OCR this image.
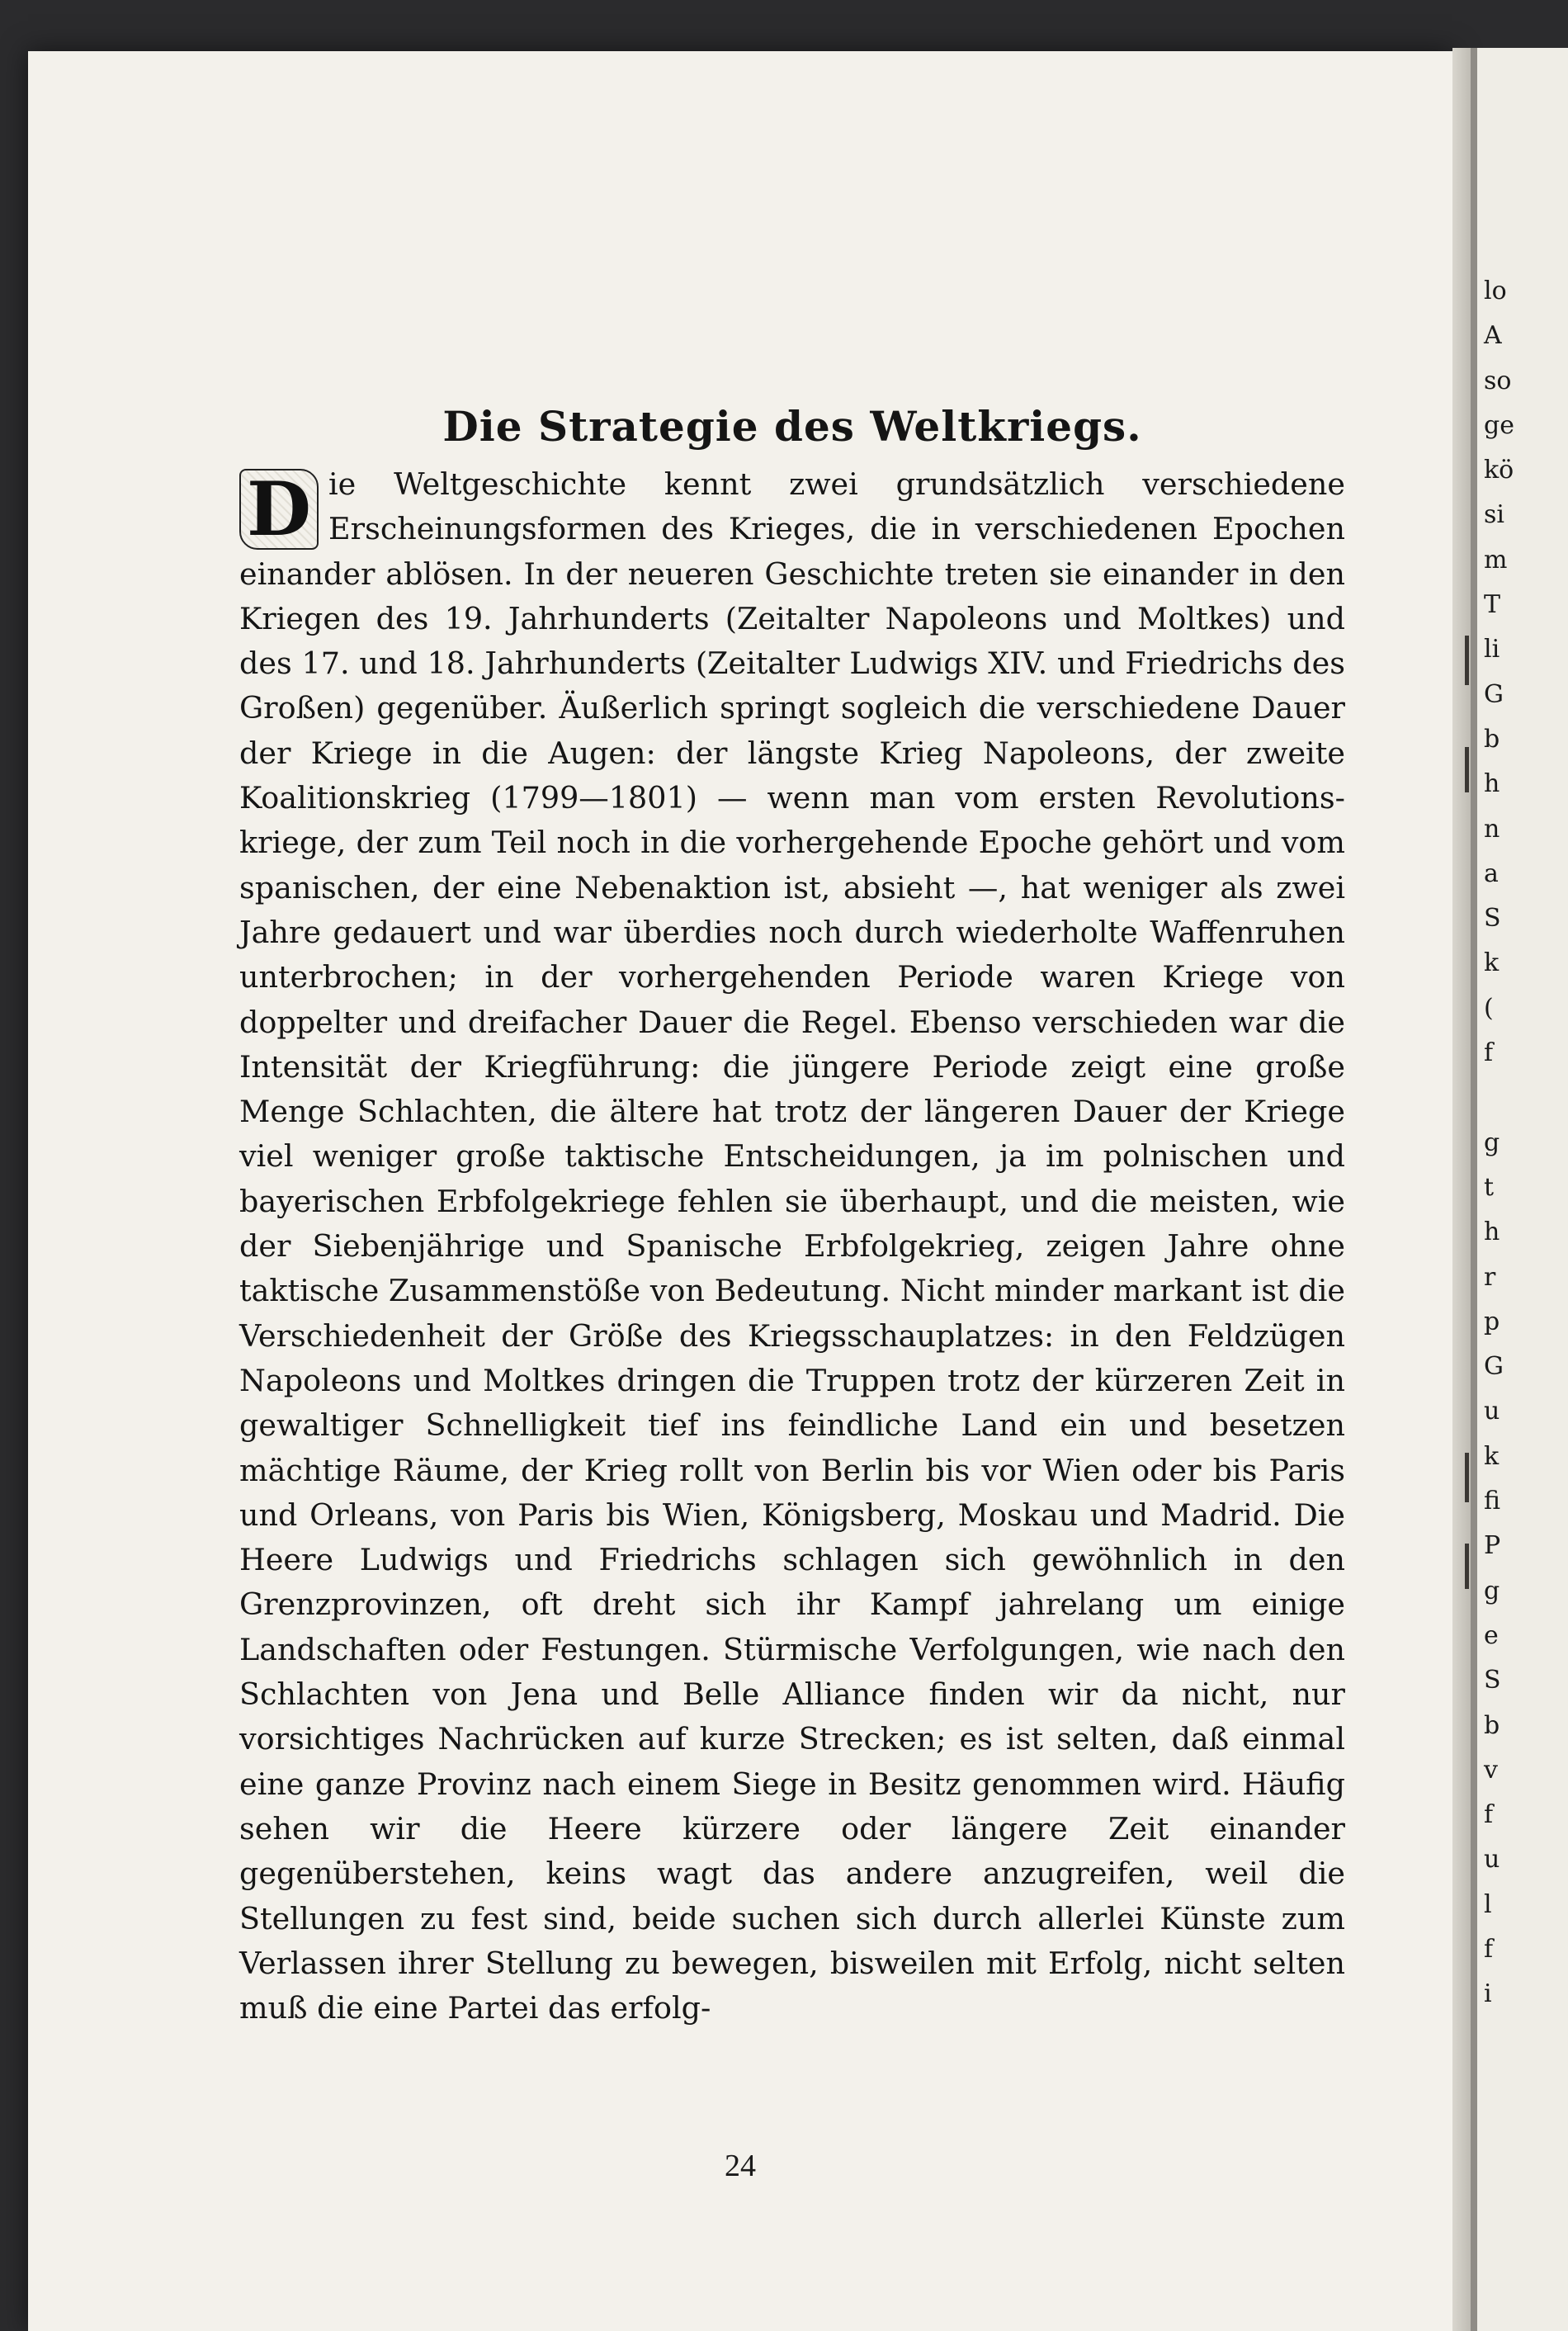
Die Strategie des Weltkriegs.

D ie Weltgeschichte kennt zwei grundsätzlich verschiedene Erscheinungsformen des Krieges, die in verschiedenen Epochen einander ablösen. In der neueren Geschichte treten sie einander in den Kriegen des 19. Jahrhunderts (Zeitalter Napoleons und Moltkes) und des 17. und 18. Jahrhunderts (Zeitalter Ludwigs XIV. und Friedrichs des Großen) gegenüber. Äußerlich springt sogleich die verschiedene Dauer der Kriege in die Augen: der längste Krieg Napoleons, der zweite Koalitionskrieg (1799—1801) — wenn man vom ersten Revolutionskriege, der zum Teil noch in die vorhergehende Epoche gehört und vom spanischen, der eine Nebenaktion ist, absieht —, hat weniger als zwei Jahre gedauert und war überdies noch durch wiederholte Waffenruhen unterbrochen; in der vorhergehenden Periode waren Kriege von doppelter und dreifacher Dauer die Regel. Ebenso verschieden war die Intensität der Kriegführung: die jüngere Periode zeigt eine große Menge Schlachten, die ältere hat trotz der längeren Dauer der Kriege viel weniger große taktische Entscheidungen, ja im polnischen und bayerischen Erbfolgekriege fehlen sie überhaupt, und die meisten, wie der Siebenjährige und Spanische Erbfolgekrieg, zeigen Jahre ohne taktische Zusammenstöße von Bedeutung. Nicht minder markant ist die Verschiedenheit der Größe des Kriegsschauplatzes: in den Feldzügen Napoleons und Moltkes dringen die Truppen trotz der kürzeren Zeit in gewaltiger Schnelligkeit tief ins feindliche Land ein und besetzen mächtige Räume, der Krieg rollt von Berlin bis vor Wien oder bis Paris und Orleans, von Paris bis Wien, Königsberg, Moskau und Madrid. Die Heere Ludwigs und Friedrichs schlagen sich gewöhnlich in den Grenzprovinzen, oft dreht sich ihr Kampf jahrelang um einige Landschaften oder Festungen. Stürmische Verfolgungen, wie nach den Schlachten von Jena und Belle Alliance finden wir da nicht, nur vorsichtiges Nachrücken auf kurze Strecken; es ist selten, daß einmal eine ganze Provinz nach einem Siege in Besitz genommen wird. Häufig sehen wir die Heere kürzere oder längere Zeit einander gegenüberstehen, keins wagt das andere anzugreifen, weil die Stellungen zu fest sind, beide suchen sich durch allerlei Künste zum Verlassen ihrer Stellung zu bewegen, bisweilen mit Erfolg, nicht selten muß die eine Partei das erfolg-

24
lo
A
so
ge
kö
si
m
T
li
G
b
h
n
a
S
k
(
f
g
t
h
r
p
G
u
k
fi
P
g
e
S
b
v
f
u
l
f
i
